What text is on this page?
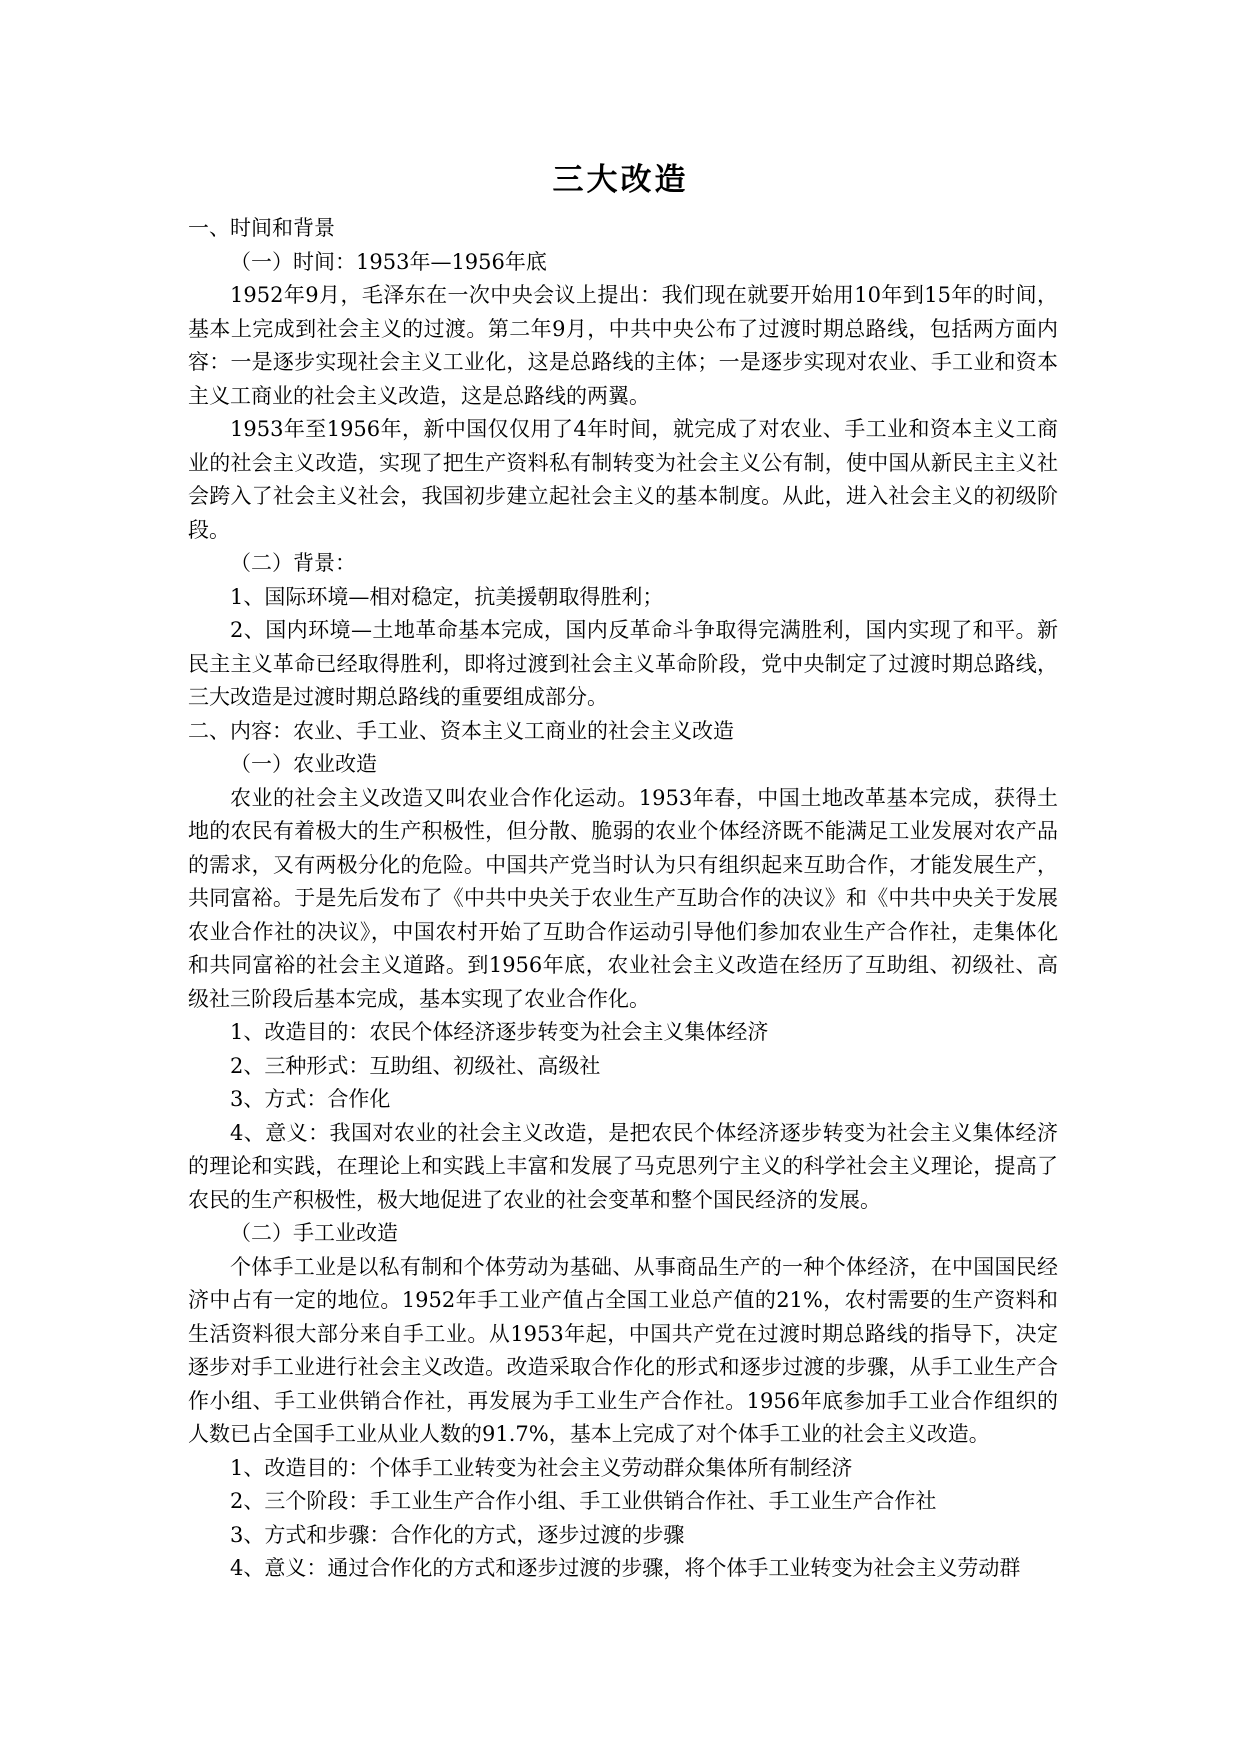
三大改造

一、时间和背景

（一）时间：1953年—1956年底

1952年9月，毛泽东在一次中央会议上提出：我们现在就要开始用10年到15年的时间，基本上完成到社会主义的过渡。第二年9月，中共中央公布了过渡时期总路线，包括两方面内容：一是逐步实现社会主义工业化，这是总路线的主体；一是逐步实现对农业、手工业和资本主义工商业的社会主义改造，这是总路线的两翼。

1953年至1956年，新中国仅仅用了4年时间，就完成了对农业、手工业和资本主义工商业的社会主义改造，实现了把生产资料私有制转变为社会主义公有制，使中国从新民主主义社会跨入了社会主义社会，我国初步建立起社会主义的基本制度。从此，进入社会主义的初级阶段。

（二）背景：

1、国际环境—相对稳定，抗美援朝取得胜利；

2、国内环境—土地革命基本完成，国内反革命斗争取得完满胜利，国内实现了和平。新民主主义革命已经取得胜利，即将过渡到社会主义革命阶段，党中央制定了过渡时期总路线，三大改造是过渡时期总路线的重要组成部分。

二、内容：农业、手工业、资本主义工商业的社会主义改造

（一）农业改造

农业的社会主义改造又叫农业合作化运动。1953年春，中国土地改革基本完成，获得土地的农民有着极大的生产积极性，但分散、脆弱的农业个体经济既不能满足工业发展对农产品的需求，又有两极分化的危险。中国共产党当时认为只有组织起来互助合作，才能发展生产，共同富裕。于是先后发布了《中共中央关于农业生产互助合作的决议》和《中共中央关于发展农业合作社的决议》，中国农村开始了互助合作运动引导他们参加农业生产合作社，走集体化和共同富裕的社会主义道路。到1956年底，农业社会主义改造在经历了互助组、初级社、高级社三阶段后基本完成，基本实现了农业合作化。

1、改造目的：农民个体经济逐步转变为社会主义集体经济

2、三种形式：互助组、初级社、高级社

3、方式：合作化

4、意义：我国对农业的社会主义改造，是把农民个体经济逐步转变为社会主义集体经济的理论和实践，在理论上和实践上丰富和发展了马克思列宁主义的科学社会主义理论，提高了农民的生产积极性，极大地促进了农业的社会变革和整个国民经济的发展。

（二）手工业改造

个体手工业是以私有制和个体劳动为基础、从事商品生产的一种个体经济，在中国国民经济中占有一定的地位。1952年手工业产值占全国工业总产值的21%，农村需要的生产资料和生活资料很大部分来自手工业。从1953年起，中国共产党在过渡时期总路线的指导下，决定逐步对手工业进行社会主义改造。改造采取合作化的形式和逐步过渡的步骤，从手工业生产合作小组、手工业供销合作社，再发展为手工业生产合作社。1956年底参加手工业合作组织的人数已占全国手工业从业人数的91.7%，基本上完成了对个体手工业的社会主义改造。

1、改造目的：个体手工业转变为社会主义劳动群众集体所有制经济

2、三个阶段：手工业生产合作小组、手工业供销合作社、手工业生产合作社

3、方式和步骤：合作化的方式，逐步过渡的步骤

4、意义：通过合作化的方式和逐步过渡的步骤，将个体手工业转变为社会主义劳动群
